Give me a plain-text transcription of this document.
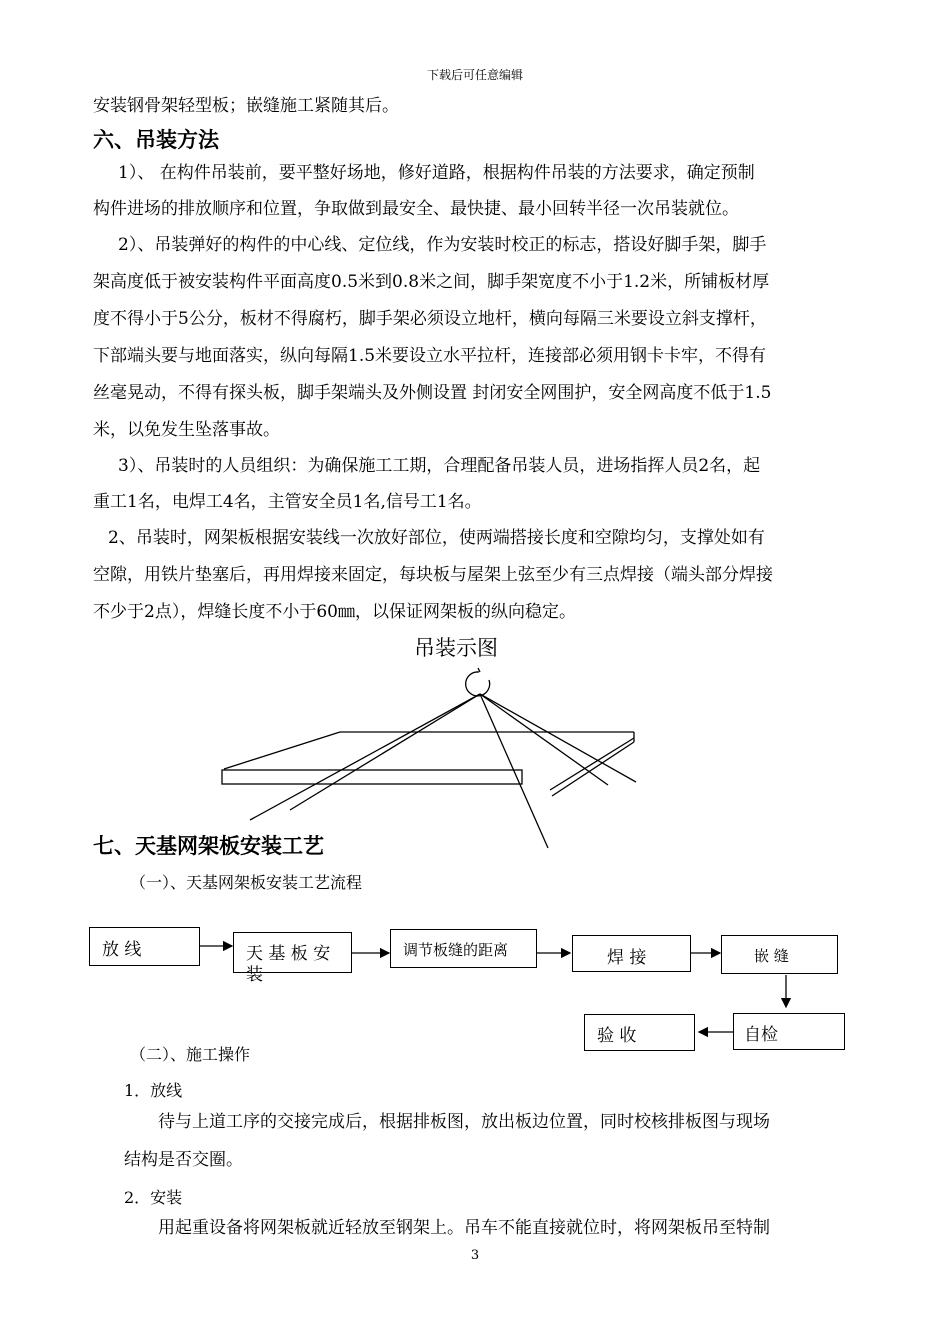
下载后可任意编辑
安装钢骨架轻型板；嵌缝施工紧随其后。
六、吊装方法
1）、 在构件吊装前，要平整好场地，修好道路，根据构件吊装的方法要求，确定预制
构件进场的排放顺序和位置，争取做到最安全、最快捷、最小回转半径一次吊装就位。
2）、吊装弹好的构件的中心线、定位线，作为安装时校正的标志，搭设好脚手架，脚手
架高度低于被安装构件平面高度0.5米到0.8米之间，脚手架宽度不小于1.2米，所铺板材厚
度不得小于5公分，板材不得腐朽，脚手架必须设立地杆，横向每隔三米要设立斜支撑杆，
下部端头要与地面落实，纵向每隔1.5米要设立水平拉杆，连接部必须用钢卡卡牢，不得有
丝毫晃动，不得有探头板，脚手架端头及外侧设置 封闭安全网围护，安全网高度不低于1.5
米，以免发生坠落事故。
3）、吊装时的人员组织：为确保施工工期，合理配备吊装人员，进场指挥人员2名，起
重工1名，电焊工4名，主管安全员1名,信号工1名。
2、吊装时，网架板根据安装线一次放好部位，使两端搭接长度和空隙均匀，支撑处如有
空隙，用铁片垫塞后，再用焊接来固定，每块板与屋架上弦至少有三点焊接（端头部分焊接
不少于2点），焊缝长度不小于60㎜，以保证网架板的纵向稳定。
吊装示图
七、天基网架板安装工艺
（一）、天基网架板安装工艺流程
放 线	天 基 板 安
装
调节板缝的距离	焊 接	嵌 缝
自检
验 收
（二）、施工操作
1．放线
待与上道工序的交接完成后，根据排板图，放出板边位置，同时校核排板图与现场
结构是否交圈。
2．安装
用起重设备将网架板就近轻放至钢架上。吊车不能直接就位时，将网架板吊至特制
3
